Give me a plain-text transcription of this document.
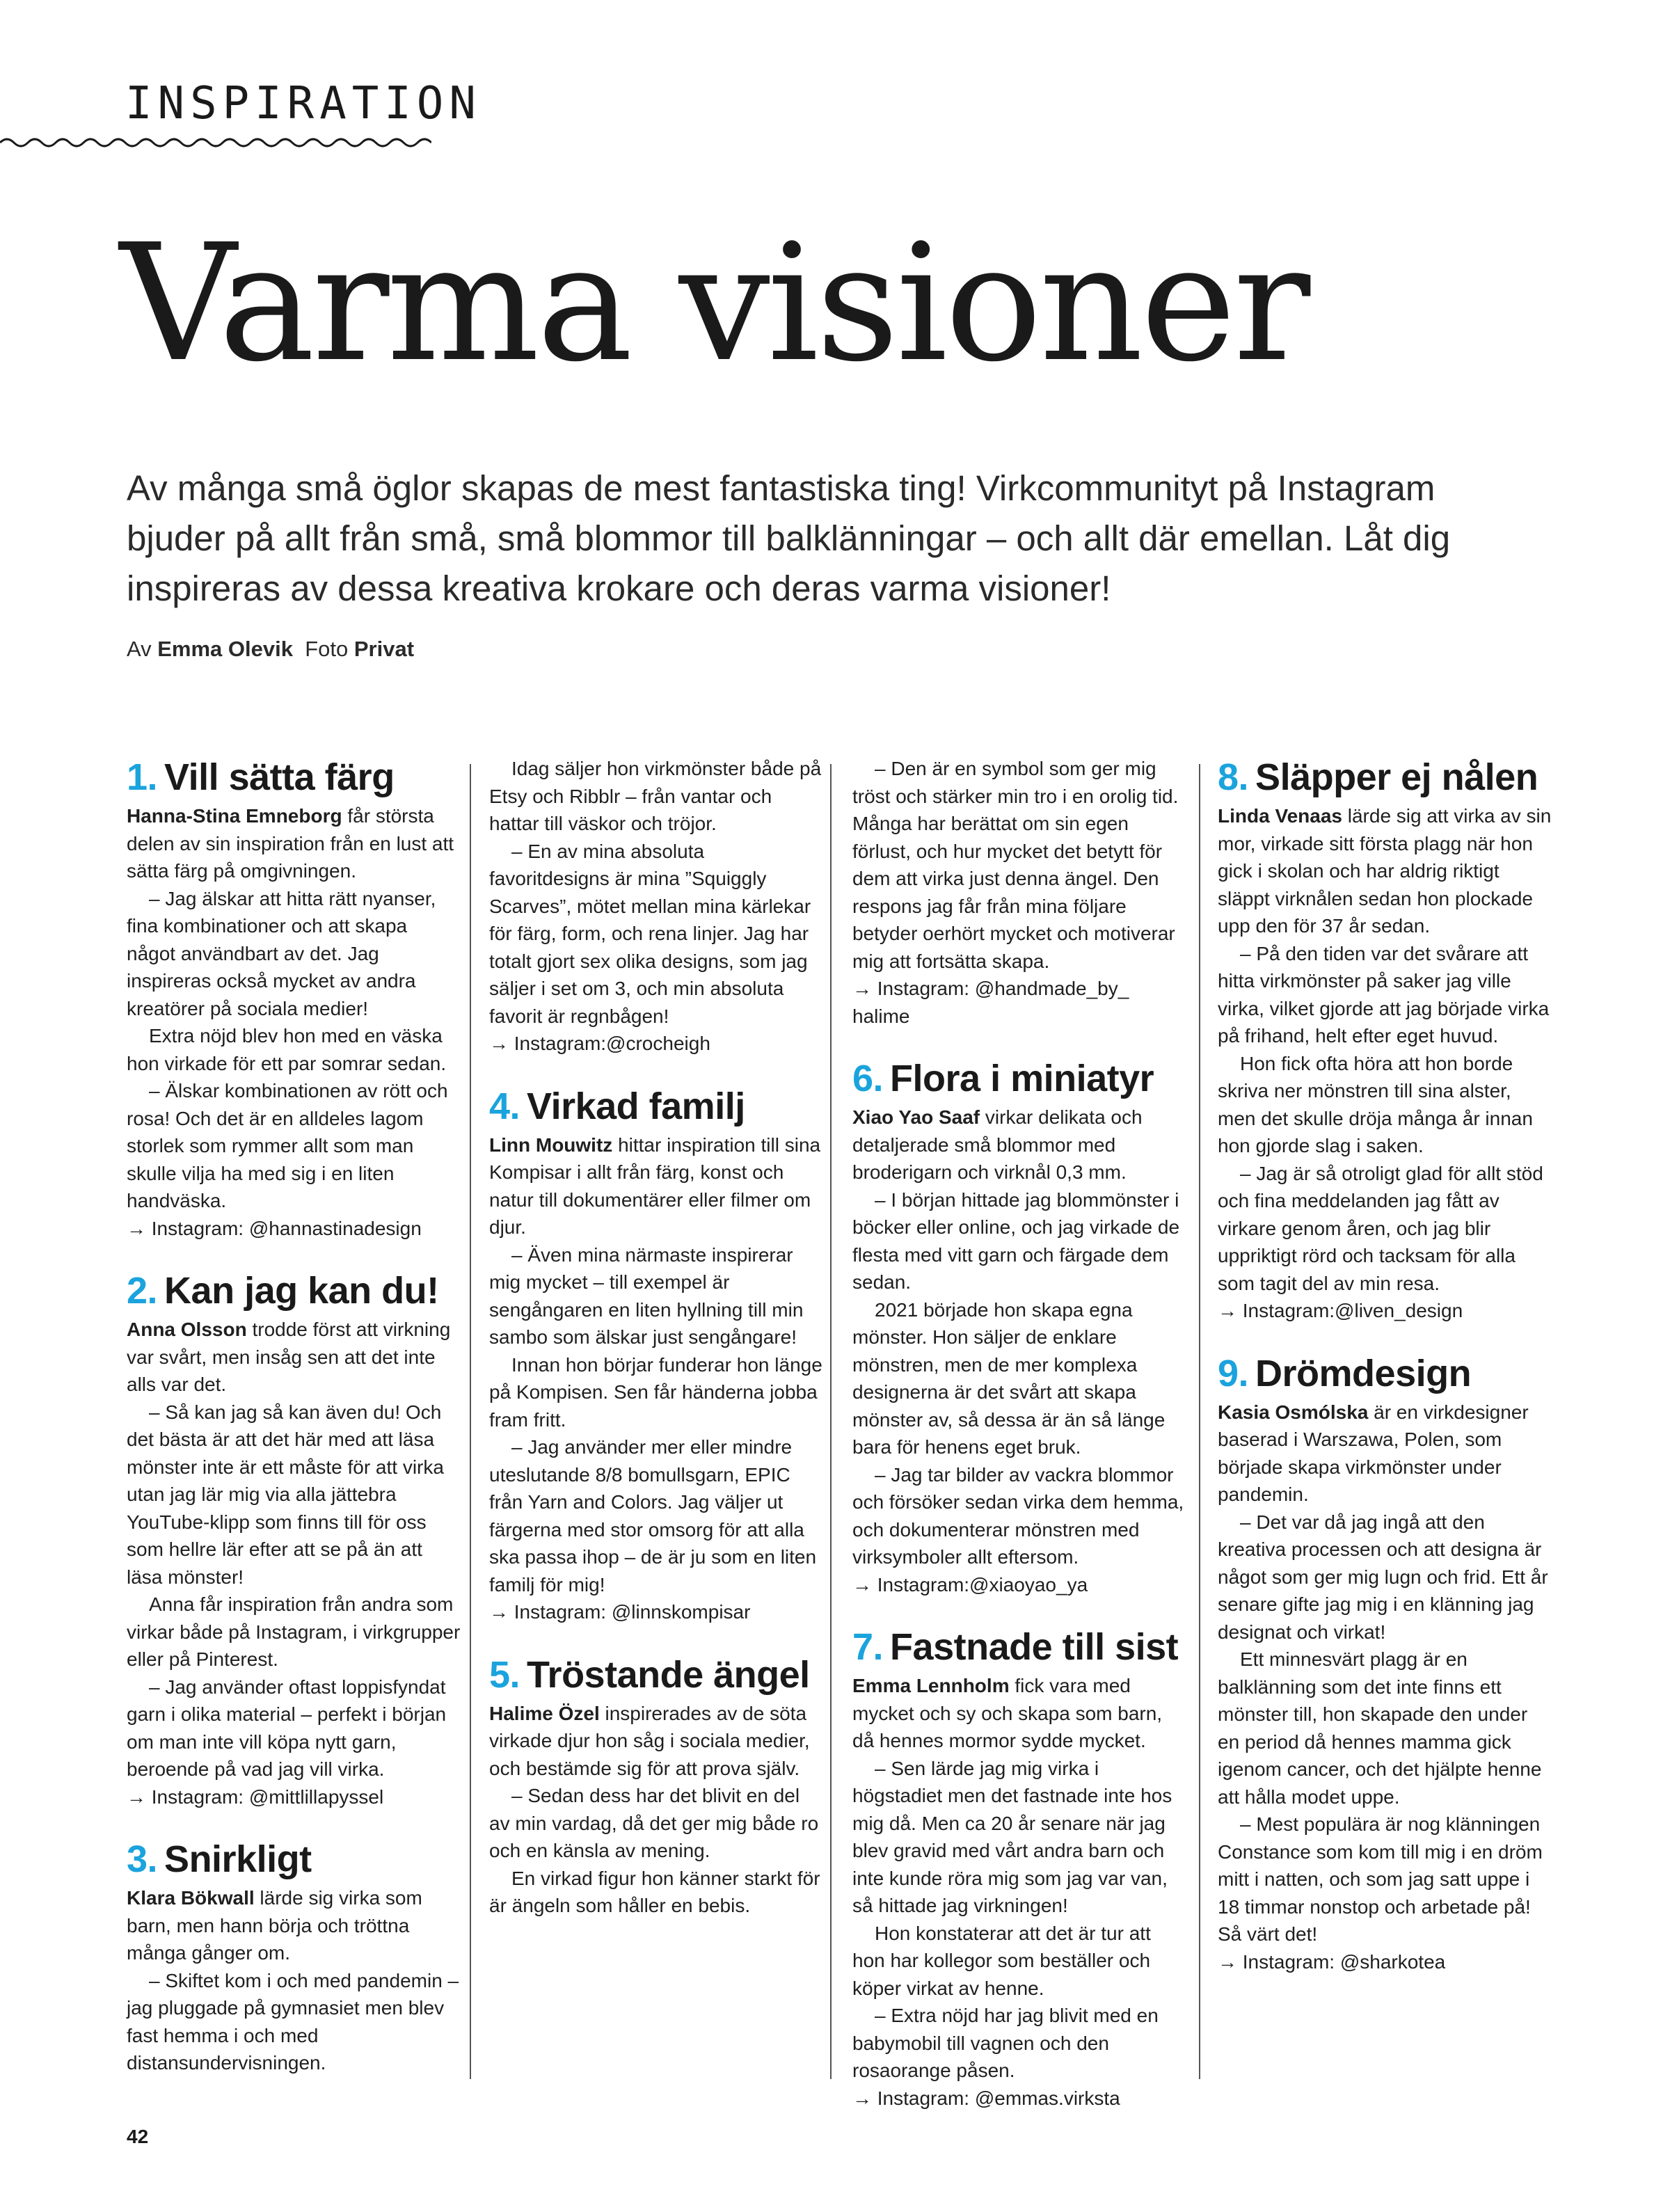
INSPIRATION
Varma visioner

Av många små öglor skapas de mest fantastiska ting! Virkcommunityt på Instagram bjuder på allt från små, små blommor till balklänningar – och allt där emellan. Låt dig inspireras av dessa kreativa krokare och deras varma visioner!

Av Emma Olevik Foto Privat
1. Vill sätta färg

Hanna-Stina Emneborg får största delen av sin inspiration från en lust att sätta färg på omgivningen.

– Jag älskar att hitta rätt nyanser, fina kombinationer och att skapa något användbart av det. Jag inspireras också mycket av andra kreatörer på sociala medier!

Extra nöjd blev hon med en väska hon virkade för ett par somrar sedan.

– Älskar kombinationen av rött och rosa! Och det är en alldeles lagom storlek som rymmer allt som man skulle vilja ha med sig i en liten handväska.

→ Instagram: @hannastinadesign

2. Kan jag kan du!

Anna Olsson trodde först att virkning var svårt, men insåg sen att det inte alls var det.

– Så kan jag så kan även du! Och det bästa är att det här med att läsa mönster inte är ett måste för att virka utan jag lär mig via alla jättebra YouTube-klipp som finns till för oss som hellre lär efter att se på än att läsa mönster!

Anna får inspiration från andra som virkar både på Instagram, i virkgrupper eller på Pinterest.

– Jag använder oftast loppisfyndat garn i olika material – perfekt i början om man inte vill köpa nytt garn, beroende på vad jag vill virka.

→ Instagram: @mittlillapyssel

3. Snirkligt

Klara Bökwall lärde sig virka som barn, men hann börja och tröttna många gånger om.

– Skiftet kom i och med pandemin – jag pluggade på gymnasiet men blev fast hemma i och med distansundervisningen.

Idag säljer hon virkmönster både på Etsy och Ribblr – från vantar och hattar till väskor och tröjor.

– En av mina absoluta favoritdesigns är mina ”Squiggly Scarves”, mötet mellan mina kärlekar för färg, form, och rena linjer. Jag har totalt gjort sex olika designs, som jag säljer i set om 3, och min absoluta favorit är regnbågen!

→ Instagram:@crocheigh

4. Virkad familj

Linn Mouwitz hittar inspiration till sina Kompisar i allt från färg, konst och natur till dokumentärer eller filmer om djur.

– Även mina närmaste inspirerar mig mycket – till exempel är sengångaren en liten hyllning till min sambo som älskar just sengångare!

Innan hon börjar funderar hon länge på Kompisen. Sen får händerna jobba fram fritt.

– Jag använder mer eller mindre uteslutande 8/8 bomullsgarn, EPIC från Yarn and Colors. Jag väljer ut färgerna med stor omsorg för att alla ska passa ihop – de är ju som en liten familj för mig!

→ Instagram: @linnskompisar

5. Tröstande ängel

Halime Özel inspirerades av de söta virkade djur hon såg i sociala medier, och bestämde sig för att prova själv.

– Sedan dess har det blivit en del av min vardag, då det ger mig både ro och en känsla av mening.

En virkad figur hon känner starkt för är ängeln som håller en bebis.

– Den är en symbol som ger mig tröst och stärker min tro i en orolig tid. Många har berättat om sin egen förlust, och hur mycket det betytt för dem att virka just denna ängel. Den respons jag får från mina följare betyder oerhört mycket och motiverar mig att fortsätta skapa.

→ Instagram: @handmade_by_ halime

6. Flora i miniatyr

Xiao Yao Saaf virkar delikata och detaljerade små blommor med broderigarn och virknål 0,3 mm.

– I början hittade jag blommönster i böcker eller online, och jag virkade de flesta med vitt garn och färgade dem sedan.

2021 började hon skapa egna mönster. Hon säljer de enklare mönstren, men de mer komplexa designerna är det svårt att skapa mönster av, så dessa är än så länge bara för henens eget bruk.

– Jag tar bilder av vackra blommor och försöker sedan virka dem hemma, och dokumenterar mönstren med virksymboler allt eftersom.

→ Instagram:@xiaoyao_ya

7. Fastnade till sist

Emma Lennholm fick vara med mycket och sy och skapa som barn, då hennes mormor sydde mycket.

– Sen lärde jag mig virka i högstadiet men det fastnade inte hos mig då. Men ca 20 år senare när jag blev gravid med vårt andra barn och inte kunde röra mig som jag var van, så hittade jag virkningen!

Hon konstaterar att det är tur att hon har kollegor som beställer och köper virkat av henne.

– Extra nöjd har jag blivit med en babymobil till vagnen och den rosaorange påsen.

→ Instagram: @emmas.virksta

8. Släpper ej nålen

Linda Venaas lärde sig att virka av sin mor, virkade sitt första plagg när hon gick i skolan och har aldrig riktigt släppt virknålen sedan hon plockade upp den för 37 år sedan.

– På den tiden var det svårare att hitta virkmönster på saker jag ville virka, vilket gjorde att jag började virka på frihand, helt efter eget huvud.

Hon fick ofta höra att hon borde skriva ner mönstren till sina alster, men det skulle dröja många år innan hon gjorde slag i saken.

– Jag är så otroligt glad för allt stöd och fina meddelanden jag fått av virkare genom åren, och jag blir uppriktigt rörd och tacksam för alla som tagit del av min resa.

→ Instagram:@liven_design

9. Drömdesign

Kasia Osmólska är en virkdesigner baserad i Warszawa, Polen, som började skapa virkmönster under pandemin.

– Det var då jag ingå att den kreativa processen och att designa är något som ger mig lugn och frid. Ett år senare gifte jag mig i en klänning jag designat och virkat!

Ett minnesvärt plagg är en balklänning som det inte finns ett mönster till, hon skapade den under en period då hennes mamma gick igenom cancer, och det hjälpte henne att hålla modet uppe.

– Mest populära är nog klänningen Constance som kom till mig i en dröm mitt i natten, och som jag satt uppe i 18 timmar nonstop och arbetade på! Så värt det!

→ Instagram: @sharkotea

42
